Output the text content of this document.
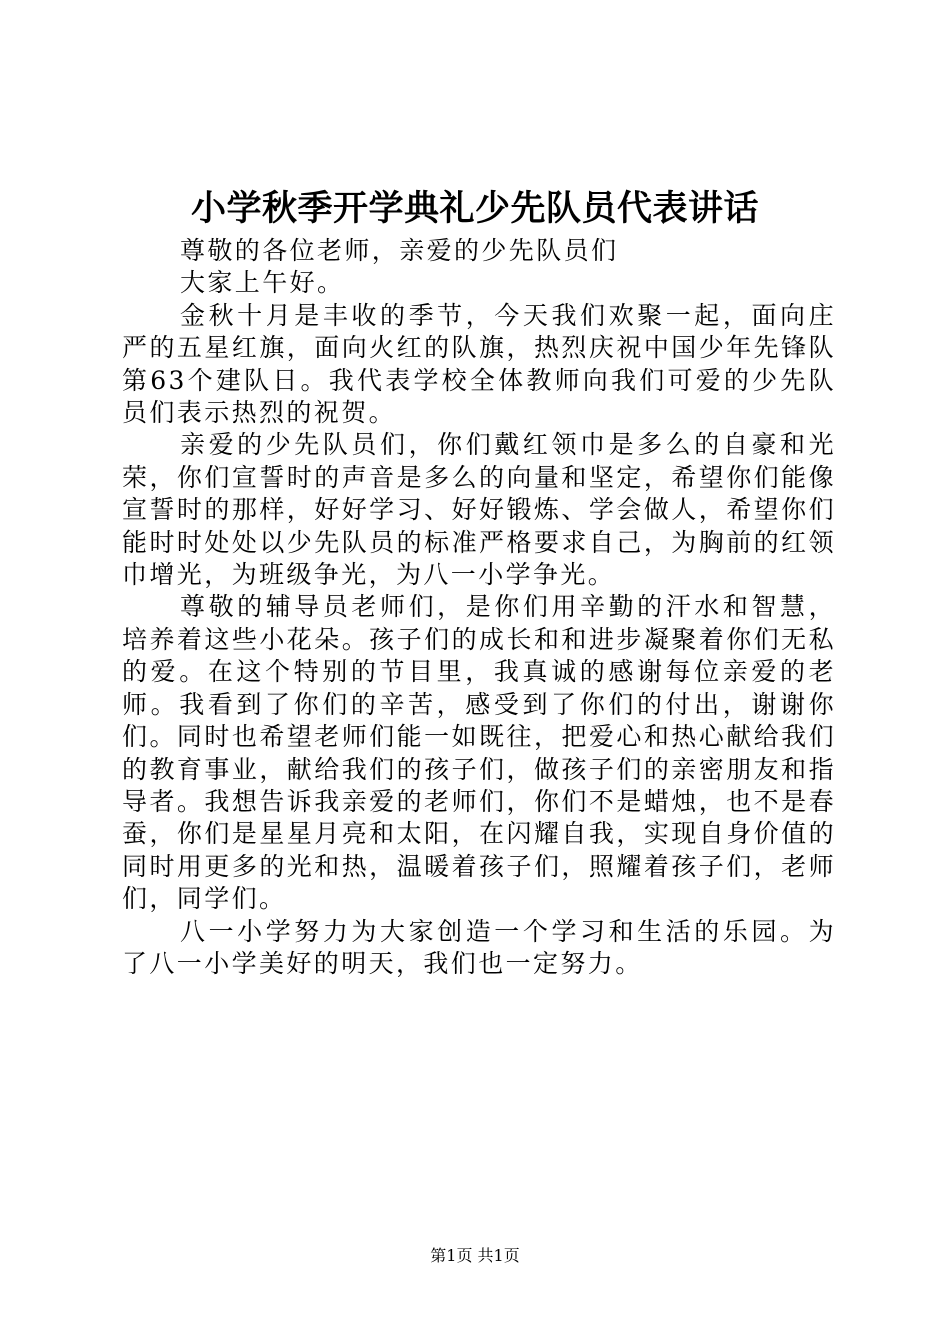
小学秋季开学典礼少先队员代表讲话

尊敬的各位老师，亲爱的少先队员们

大家上午好。

金秋十月是丰收的季节，今天我们欢聚一起，面向庄严的五星红旗，面向火红的队旗，热烈庆祝中国少年先锋队第63个建队日。我代表学校全体教师向我们可爱的少先队员们表示热烈的祝贺。

亲爱的少先队员们，你们戴红领巾是多么的自豪和光荣，你们宣誓时的声音是多么的向量和坚定，希望你们能像宣誓时的那样，好好学习、好好锻炼、学会做人，希望你们能时时处处以少先队员的标准严格要求自己，为胸前的红领巾增光，为班级争光，为八一小学争光。

尊敬的辅导员老师们，是你们用辛勤的汗水和智慧，培养着这些小花朵。孩子们的成长和和进步凝聚着你们无私的爱。在这个特别的节目里，我真诚的感谢每位亲爱的老师。我看到了你们的辛苦，感受到了你们的付出，谢谢你们。同时也希望老师们能一如既往，把爱心和热心献给我们的教育事业，献给我们的孩子们，做孩子们的亲密朋友和指导者。我想告诉我亲爱的老师们，你们不是蜡烛，也不是春蚕，你们是星星月亮和太阳，在闪耀自我，实现自身价值的同时用更多的光和热，温暖着孩子们，照耀着孩子们，老师们，同学们。

八一小学努力为大家创造一个学习和生活的乐园。为了八一小学美好的明天，我们也一定努力。

第1页 共1页
